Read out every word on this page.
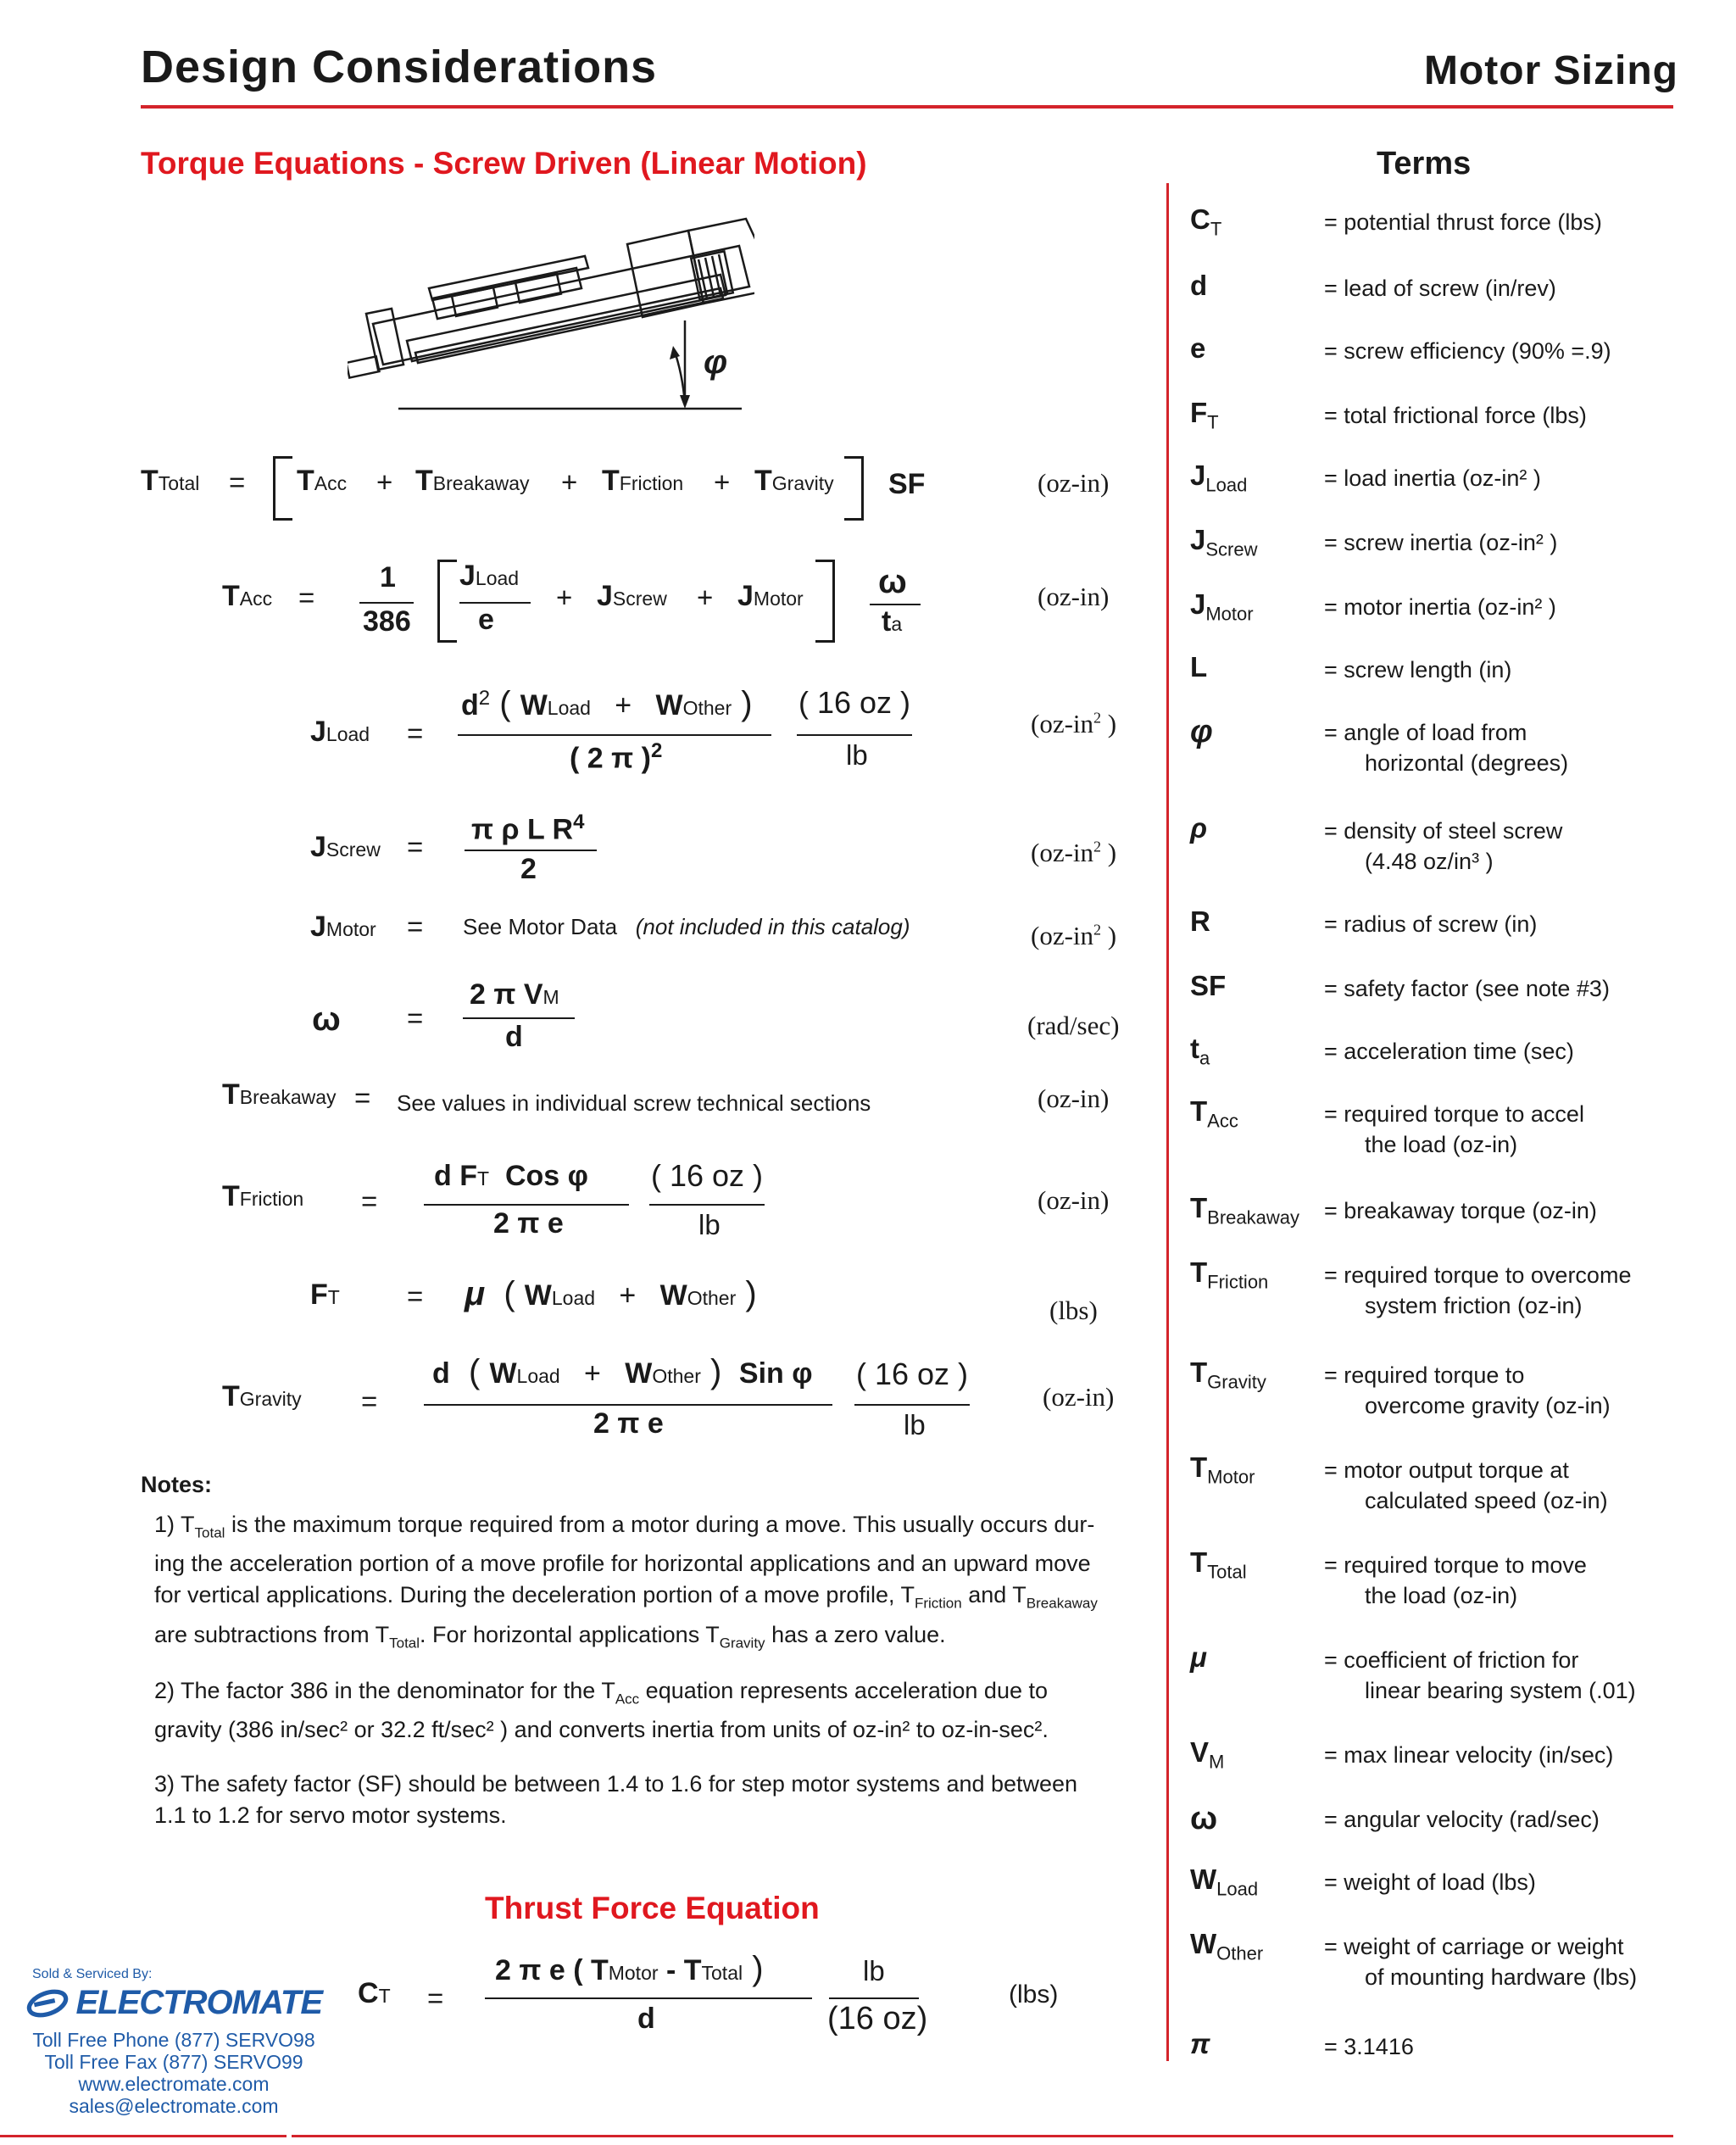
Design Considerations	Motor Sizing
Torque Equations - Screw Driven (Linear Motion)	Terms
φ
TTotal = TAcc + TBreakaway + TFriction + TGravity SF	(oz-in)
TAcc =
1
386
JLoad
e
+ JScrew + JMotor ω
ta
(oz-in)
JLoad =
$d^2$ ( WLoad   +   WOther )
( 2 π )$^2$
( 16 oz )
lb
($oz-in^2$ )
JScrew =
π ρ L $R^4$
2
($oz-in^2$ )
JMotor = See Motor Data (not included in this catalog)	($oz-in^2$ )
ω =
2 π VM
d	(rad/sec)
TBreakaway = See values in individual screw technical sections	(oz-in)
TFriction =
d FT Cos φ
2 π e
( 16 oz )
lb
(oz-in)
FT = μ  ( WLoad   +   WOther )	(lbs)
TGravity =
d  ( WLoad   +   WOther )  Sin φ
2 π e
( 16 oz )
lb
(oz-in)
Notes:
1) $T_{Total}$ is the maximum torque required from a motor during a move. This usually occurs dur-
ing the acceleration portion of a move profile for horizontal applications and an upward move
for vertical applications. During the deceleration portion of a move profile, $T_{Friction}$ and $T_{Breakaway}$
are subtractions from $T_{Total}$. For horizontal applications $T_{Gravity}$ has a zero value.
2) The factor 386 in the denominator for the $T_{Acc}$ equation represents acceleration due to
gravity (386 in/sec² or 32.2 ft/sec² ) and converts inertia from units of oz-in² to oz-in-sec².
3) The safety factor (SF) should be between 1.4 to 1.6 for step motor systems and between
1.1 to 1.2 for servo motor systems.
Thrust Force Equation
CT =
2 π e ( TMotor - TTotal )
d
lb
(16 oz)
(lbs)
$C_T$	= potential thrust force (lbs)
d	= lead of screw (in/rev)
e	= screw efficiency (90% =.9)
$F_T$	= total frictional force (lbs)
$J_{Load}$	= load inertia (oz-in² )
$J_{Screw}$	= screw inertia (oz-in² )
$J_{Motor}$	= motor inertia (oz-in² )
L	= screw length (in)
φ	= angle of load from
horizontal (degrees)
ρ	= density of steel screw
(4.48 oz/in³ )
R	= radius of screw (in)
SF	= safety factor (see note #3)
$t_a$	= acceleration time (sec)
$T_{Acc}$	= required torque to accel
the load (oz-in)
$T_{Breakaway}$ = breakaway torque (oz-in)
$T_{Friction}$ = required torque to overcome
system friction (oz-in)
$T_{Gravity}$	= required torque to
overcome gravity (oz-in)
$T_{Motor}$	= motor output torque at
calculated speed (oz-in)
$T_{Total}$	= required torque to move
the load (oz-in)
μ	= coefficient of friction for
linear bearing system (.01)
$V_M$	= max linear velocity (in/sec)
ω	= angular velocity (rad/sec)
$W_{Load}$	= weight of load (lbs)
$W_{Other}$	= weight of carriage or weight
of mounting hardware (lbs)
π	= 3.1416
Sold & Serviced By:
ELECTROMATE
Toll Free Phone (877) SERVO98
Toll Free Fax (877) SERVO99
www.electromate.com
sales@electromate.com
